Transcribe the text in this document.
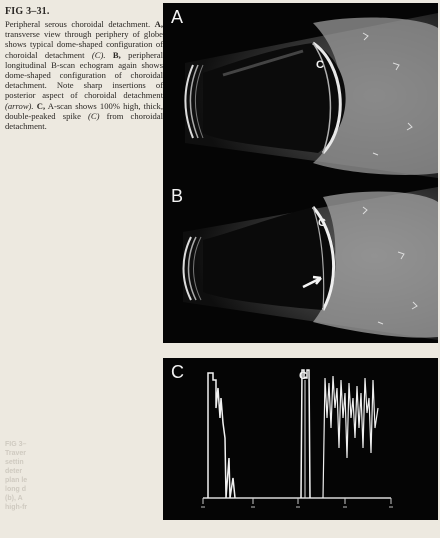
FIG 3–31.
Peripheral serous choroidal detachment. A, transverse view through periphery of globe shows typical dome-shaped configuration of choroidal detachment (C). B, peripheral longitudinal B-scan echogram again shows dome-shaped configuration of choroidal detachment. Note sharp insertions of posterior aspect of choroidal detachment (arrow). C, A-scan shows 100% high, thick, double-peaked spike (C) from choroidal detachment.
A
C
B
C
C	C
FIG 3–
Traver
settin
deter
plan le
long d
(b), A
high-fr
